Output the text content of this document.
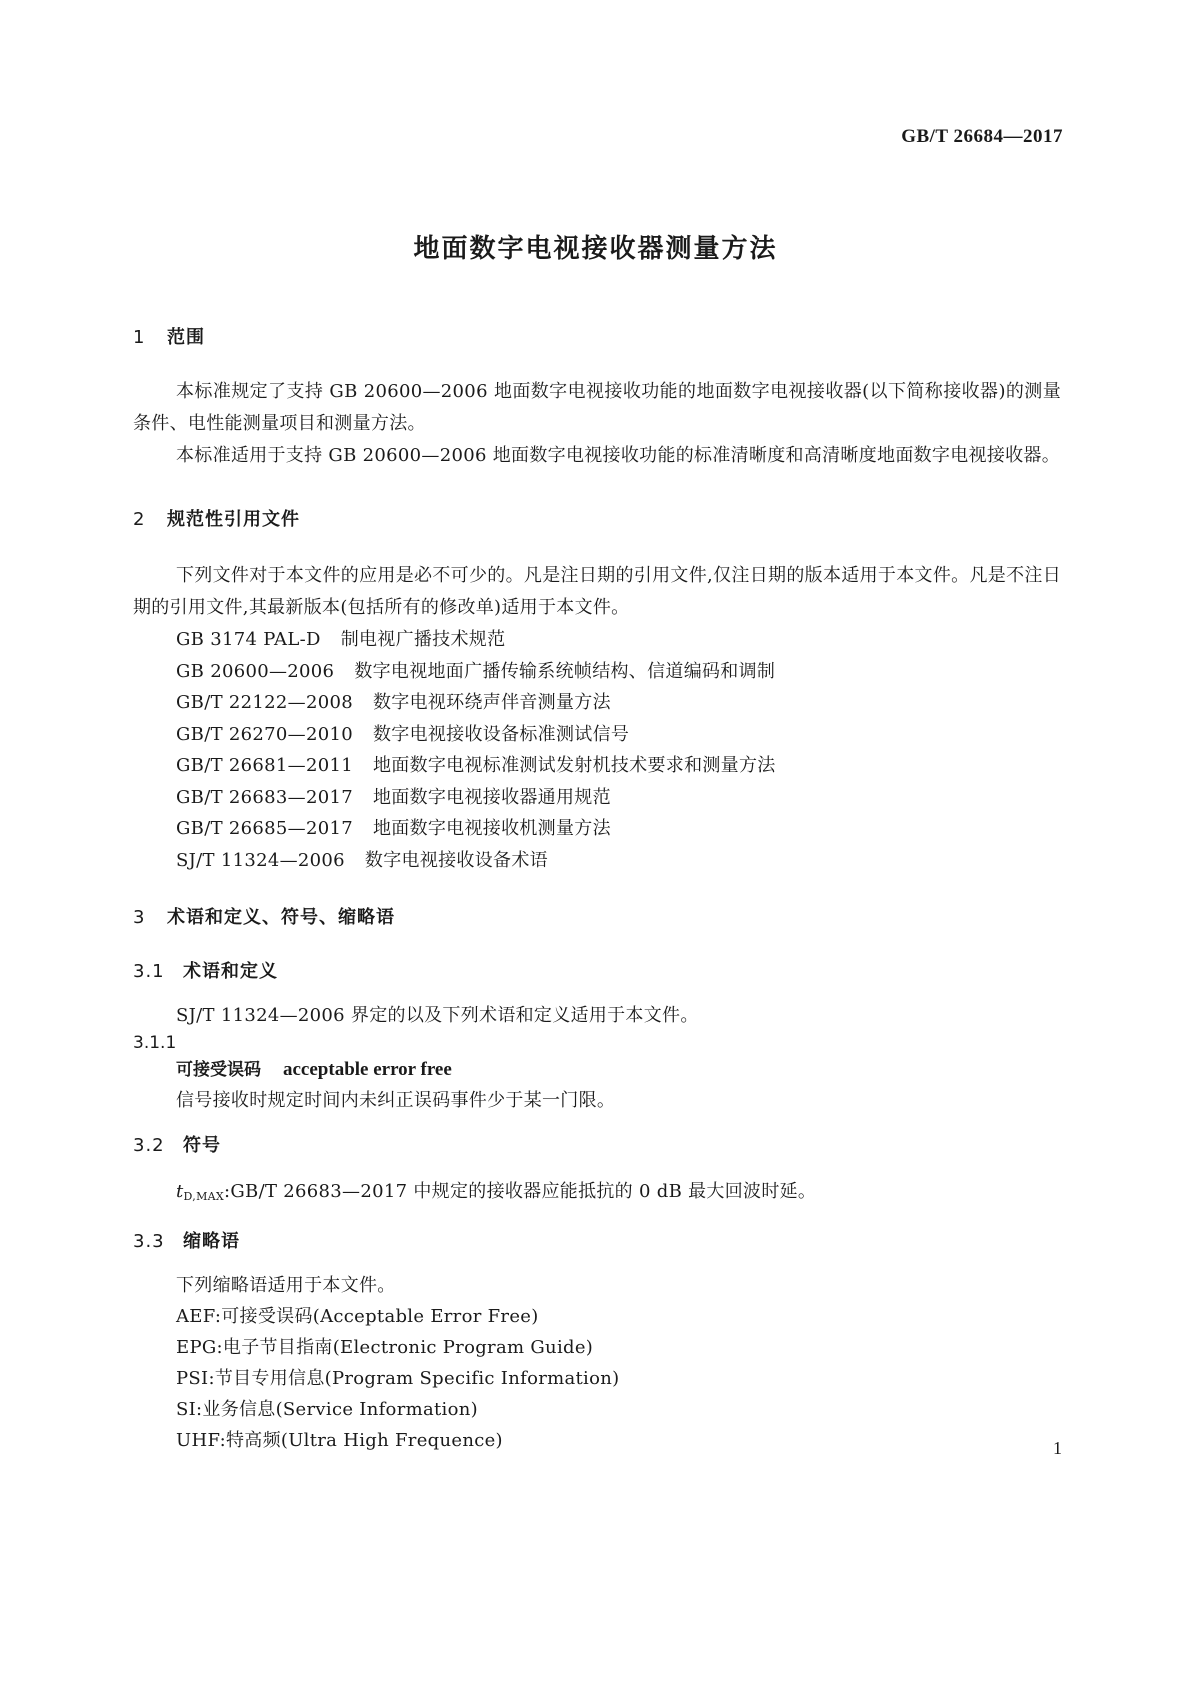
GB/T 26684—2017
地面数字电视接收器测量方法
1	范围

本标准规定了支持 GB 20600—2006 地面数字电视接收功能的地面数字电视接收器(以下简称接收器)的测量条件、电性能测量项目和测量方法。

本标准适用于支持 GB 20600—2006 地面数字电视接收功能的标准清晰度和高清晰度地面数字电视接收器。

2	规范性引用文件

下列文件对于本文件的应用是必不可少的。凡是注日期的引用文件,仅注日期的版本适用于本文件。凡是不注日期的引用文件,其最新版本(包括所有的修改单)适用于本文件。

GB 3174 PAL-D 制电视广播技术规范

GB 20600—2006 数字电视地面广播传输系统帧结构、信道编码和调制

GB/T 22122—2008 数字电视环绕声伴音测量方法

GB/T 26270—2010 数字电视接收设备标准测试信号

GB/T 26681—2011 地面数字电视标准测试发射机技术要求和测量方法

GB/T 26683—2017 地面数字电视接收器通用规范

GB/T 26685—2017 地面数字电视接收机测量方法

SJ/T 11324—2006 数字电视接收设备术语

3	术语和定义、符号、缩略语
3.1	术语和定义

SJ/T 11324—2006 界定的以及下列术语和定义适用于本文件。

3.1.1

可接受误码 acceptable error free

信号接收时规定时间内未纠正误码事件少于某一门限。

3.2	符号

$t_{D,MAX}:GB/T$ 26683—2017 中规定的接收器应能抵抗的 0 dB 最大回波时延。

3.3	缩略语

下列缩略语适用于本文件。

AEF:可接受误码(Acceptable Error Free)

EPG:电子节目指南(Electronic Program Guide)

PSI:节目专用信息(Program Specific Information)

SI:业务信息(Service Information)

UHF:特高频(Ultra High Frequence)	1
